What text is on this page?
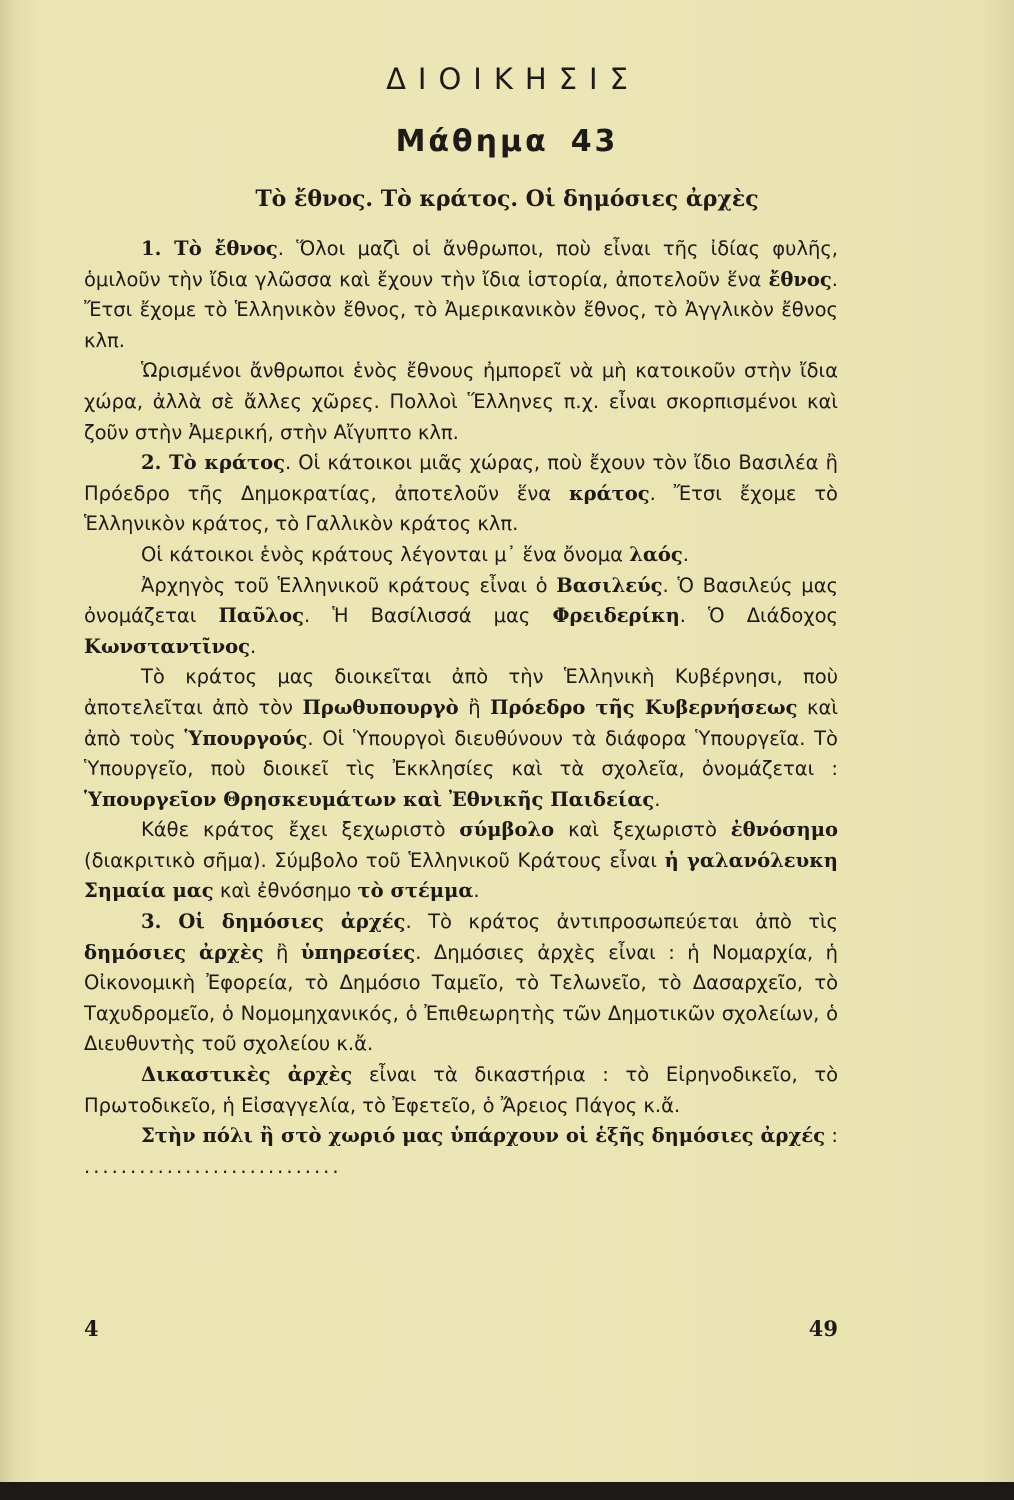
ΔΙΟΙΚΗΣΙΣ
Μάθημα 43
Τὸ ἔθνος. Τὸ κράτος. Οἱ δημόσιες ἀρχὲς

1. Τὸ ἔθνος. Ὅλοι μαζὶ οἱ ἄνθρωποι, ποὺ εἶναι τῆς ἰδίας φυλῆς, ὁμιλοῦν τὴν ἴδια γλῶσσα καὶ ἔχουν τὴν ἴδια ἱστορία, ἀποτελοῦν ἕνα ἔθνος. Ἔτσι ἔχομε τὸ Ἑλληνικὸν ἔθνος, τὸ Ἀμερικανικὸν ἔθνος, τὸ Ἀγγλικὸν ἔθνος κλπ.

Ὡρισμένοι ἄνθρωποι ἑνὸς ἔθνους ἠμπορεῖ νὰ μὴ κατοικοῦν στὴν ἴδια χώρα, ἀλλὰ σὲ ἄλλες χῶρες. Πολλοὶ Ἕλληνες π.χ. εἶναι σκορπισμένοι καὶ ζοῦν στὴν Ἀμερική, στὴν Αἴγυπτο κλπ.

2. Τὸ κράτος. Οἱ κάτοικοι μιᾶς χώρας, ποὺ ἔχουν τὸν ἴδιο Βασιλέα ἢ Πρόεδρο τῆς Δημοκρατίας, ἀποτελοῦν ἕνα κράτος. Ἔτσι ἔχομε τὸ Ἑλληνικὸν κράτος, τὸ Γαλλικὸν κράτος κλπ.

Οἱ κάτοικοι ἑνὸς κράτους λέγονται μ᾿ ἕνα ὄνομα λαός.

Ἀρχηγὸς τοῦ Ἑλληνικοῦ κράτους εἶναι ὁ Βασιλεύς. Ὁ Βασιλεύς μας ὀνομάζεται Παῦλος. Ἡ Βασίλισσά μας Φρειδερίκη. Ὁ Διάδοχος Κωνσταντῖνος.

Τὸ κράτος μας διοικεῖται ἀπὸ τὴν Ἑλληνικὴ Κυβέρνησι, ποὺ ἀποτελεῖται ἀπὸ τὸν Πρωθυπουργὸ ἢ Πρόεδρο τῆς Κυβερνήσεως καὶ ἀπὸ τοὺς Ὑπουργούς. Οἱ Ὑπουργοὶ διευθύνουν τὰ διάφορα Ὑπουργεῖα. Τὸ Ὑπουργεῖο, ποὺ διοικεῖ τὶς Ἐκκλησίες καὶ τὰ σχολεῖα, ὀνομάζεται : Ὑπουργεῖον Θρησκευμάτων καὶ Ἐθνικῆς Παιδείας.

Κάθε κράτος ἔχει ξεχωριστὸ σύμβολο καὶ ξεχωριστὸ ἐθνόσημο (διακριτικὸ σῆμα). Σύμβολο τοῦ Ἑλληνικοῦ Κράτους εἶναι ἡ γαλανόλευκη Σημαία μας καὶ ἐθνόσημο τὸ στέμμα.

3. Οἱ δημόσιες ἀρχές. Τὸ κράτος ἀντιπροσωπεύεται ἀπὸ τὶς δημόσιες ἀρχὲς ἢ ὑπηρεσίες. Δημόσιες ἀρχὲς εἶναι : ἡ Νομαρχία, ἡ Οἰκονομικὴ Ἐφορεία, τὸ Δημόσιο Ταμεῖο, τὸ Τελωνεῖο, τὸ Δασαρχεῖο, τὸ Ταχυδρομεῖο, ὁ Νομομηχανικός, ὁ Ἐπιθεωρητὴς τῶν Δημοτικῶν σχολείων, ὁ Διευθυντὴς τοῦ σχολείου κ.ἄ.

Δικαστικὲς ἀρχὲς εἶναι τὰ δικαστήρια : τὸ Εἰρηνοδικεῖο, τὸ Πρωτοδικεῖο, ἡ Εἰσαγγελία, τὸ Ἐφετεῖο, ὁ Ἄρειος Πάγος κ.ἄ.

Στὴν πόλι ἢ στὸ χωριό μας ὑπάρχουν οἱ ἑξῆς δημόσιες ἀρχές : ............................

4	49
